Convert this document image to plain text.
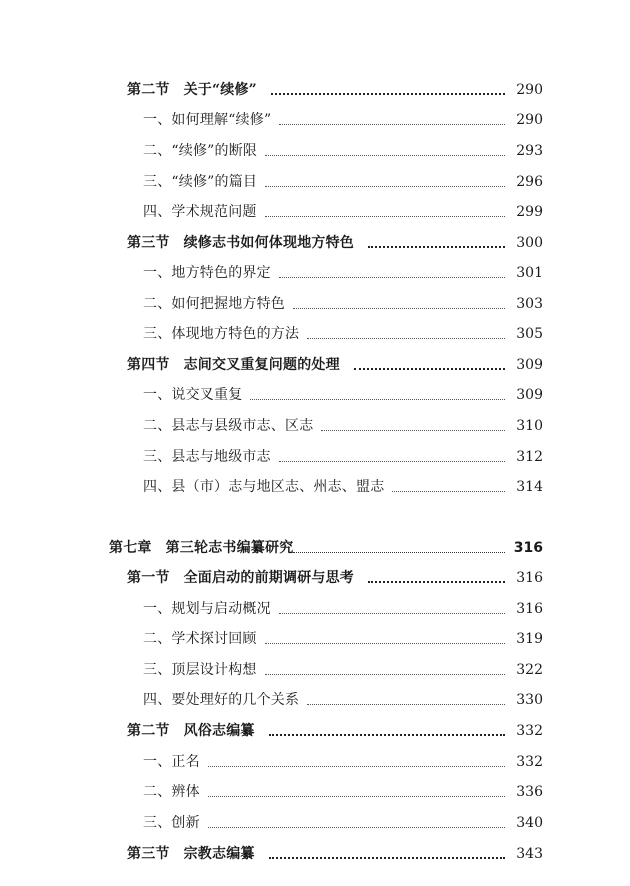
第二节 关于“续修”	290
一、如何理解“续修”	290
二、“续修”的断限	293
三、“续修”的篇目	296
四、学术规范问题	299
第三节 续修志书如何体现地方特色	300
一、地方特色的界定	301
二、如何把握地方特色	303
三、体现地方特色的方法	305
第四节 志间交叉重复问题的处理	309
一、说交叉重复	309
二、县志与县级市志、区志	310
三、县志与地级市志	312
四、县（市）志与地区志、州志、盟志	314
第七章 第三轮志书编纂研究	316
第一节 全面启动的前期调研与思考	316
一、规划与启动概况	316
二、学术探讨回顾	319
三、顶层设计构想	322
四、要处理好的几个关系	330
第二节 风俗志编纂	332
一、正名	332
二、辨体	336
三、创新	340
第三节 宗教志编纂	343
